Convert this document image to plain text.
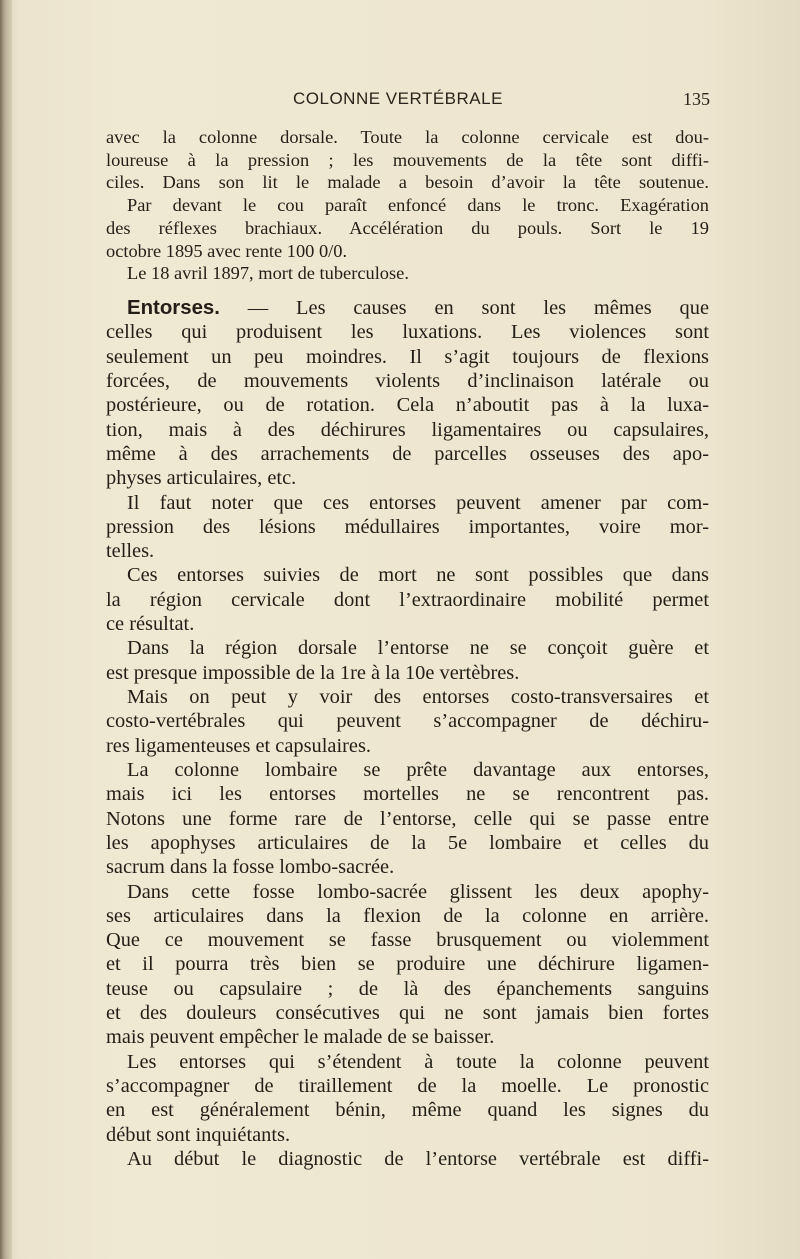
COLONNE VERTÉBRALE	135
avec la colonne dorsale. Toute la colonne cervicale est dou-
loureuse à la pression ; les mouvements de la tête sont diffi-
ciles. Dans son lit le malade a besoin d’avoir la tête soutenue.
Par devant le cou paraît enfoncé dans le tronc. Exagération
des réflexes brachiaux. Accélération du pouls. Sort le 19
octobre 1895 avec rente 100 0/0.
Le 18 avril 1897, mort de tuberculose.
Entorses. — Les causes en sont les mêmes que
celles qui produisent les luxations. Les violences sont
seulement un peu moindres. Il s’agit toujours de flexions
forcées, de mouvements violents d’inclinaison latérale ou
postérieure, ou de rotation. Cela n’aboutit pas à la luxa-
tion, mais à des déchirures ligamentaires ou capsulaires,
même à des arrachements de parcelles osseuses des apo-
physes articulaires, etc.
Il faut noter que ces entorses peuvent amener par com-
pression des lésions médullaires importantes, voire mor-
telles.
Ces entorses suivies de mort ne sont possibles que dans
la région cervicale dont l’extraordinaire mobilité permet
ce résultat.
Dans la région dorsale l’entorse ne se conçoit guère et
est presque impossible de la 1re à la 10e vertèbres.
Mais on peut y voir des entorses costo-transversaires et
costo-vertébrales qui peuvent s’accompagner de déchiru-
res ligamenteuses et capsulaires.
La colonne lombaire se prête davantage aux entorses,
mais ici les entorses mortelles ne se rencontrent pas.
Notons une forme rare de l’entorse, celle qui se passe entre
les apophyses articulaires de la 5e lombaire et celles du
sacrum dans la fosse lombo-sacrée.
Dans cette fosse lombo-sacrée glissent les deux apophy-
ses articulaires dans la flexion de la colonne en arrière.
Que ce mouvement se fasse brusquement ou violemment
et il pourra très bien se produire une déchirure ligamen-
teuse ou capsulaire ; de là des épanchements sanguins
et des douleurs consécutives qui ne sont jamais bien fortes
mais peuvent empêcher le malade de se baisser.
Les entorses qui s’étendent à toute la colonne peuvent
s’accompagner de tiraillement de la moelle. Le pronostic
en est généralement bénin, même quand les signes du
début sont inquiétants.
Au début le diagnostic de l’entorse vertébrale est diffi-
